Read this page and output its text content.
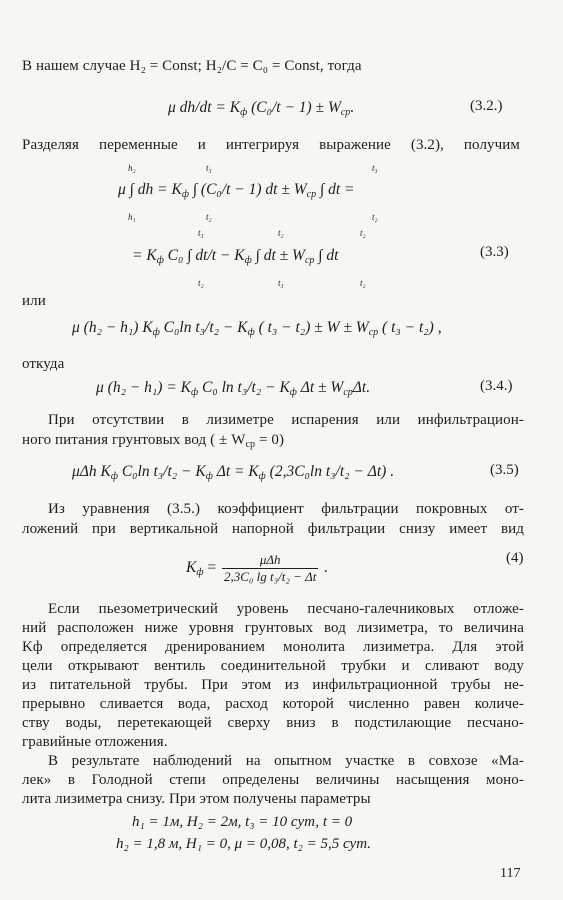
В нашем случае H₂ = Const; H₂/C = C₀ = Const, тогда
μ $dh/dt = K_ф$ $(C_0/t - 1) \pm W_{ср}$.	(3.2.)
Разделяя переменные и интегрируя выражение (3.2), получим
μ ∫ dh = $K_ф$ ∫ (C₀/t − 1) dt ± $W_{ср}$ ∫ dt =
h₂
h₁
t₃
t₂
t₃
t₂
= $K_ф$ C₀ ∫ $dt/t - K_ф$ ∫ dt ± $W_{ср}$ ∫ dt	(3.3)
t₃
t₂
t₂
t₃
t₂
t₂
или
μ (h₂ − h₁) $K_ф$ C₀ln $t_3/t_2 - K_ф$ ( $t_3 - t_2) \pm W \pm W_{ср}$ ( t₃ − t₂) ,
откуда
μ $(h_2 - h_1) = K_ф$ C₀ $\ln t_3/t_2 - K_ф$ $\Delta t \pm W_{ср}\Delta t$.	(3.4.)
При отсутствии в лизиметре испарения или инфильтрацион-
ного питания грунтовых вод ( ± $W_{ср} = 0$)
μΔh $K_ф$ C₀ln $t_3/t_2 - K_ф$ $\Delta t = K_ф$ (2,3C₀ln t₃/t₂ − Δt) .	(3.5)
Из уравнения (3.5.) коэффициент фильтрации покровных от-
ложений при вертикальной напорной фильтрации снизу имеет вид
$K_ф = \frac{\text{μΔh}}{\text{2,3C₀ lg t₃/t₂ − Δt}}$ .
(4)
Если пьезометрический уровень песчано-галечниковых отложе-
ний расположен ниже уровня грунтовых вод лизиметра, то величина
Kф определяется дренированием монолита лизиметра. Для этой
цели открывают вентиль соединительной трубки и сливают воду
из питательной трубы. При этом из инфильтрационной трубы не-
прерывно сливается вода, расход которой численно равен количе-
ству воды, перетекающей сверху вниз в подстилающие песчано-
гравийные отложения.
В результате наблюдений на опытном участке в совхозе «Ма-
лек» в Голодной степи определены величины насыщения моно-
лита лизиметра снизу. При этом получены параметры
h₁ = 1м, H₂ = 2м, t₃ = 10 сут, t = 0
h₂ = 1,8 м, H₁ = 0, μ = 0,08, t₂ = 5,5 сут.
117
